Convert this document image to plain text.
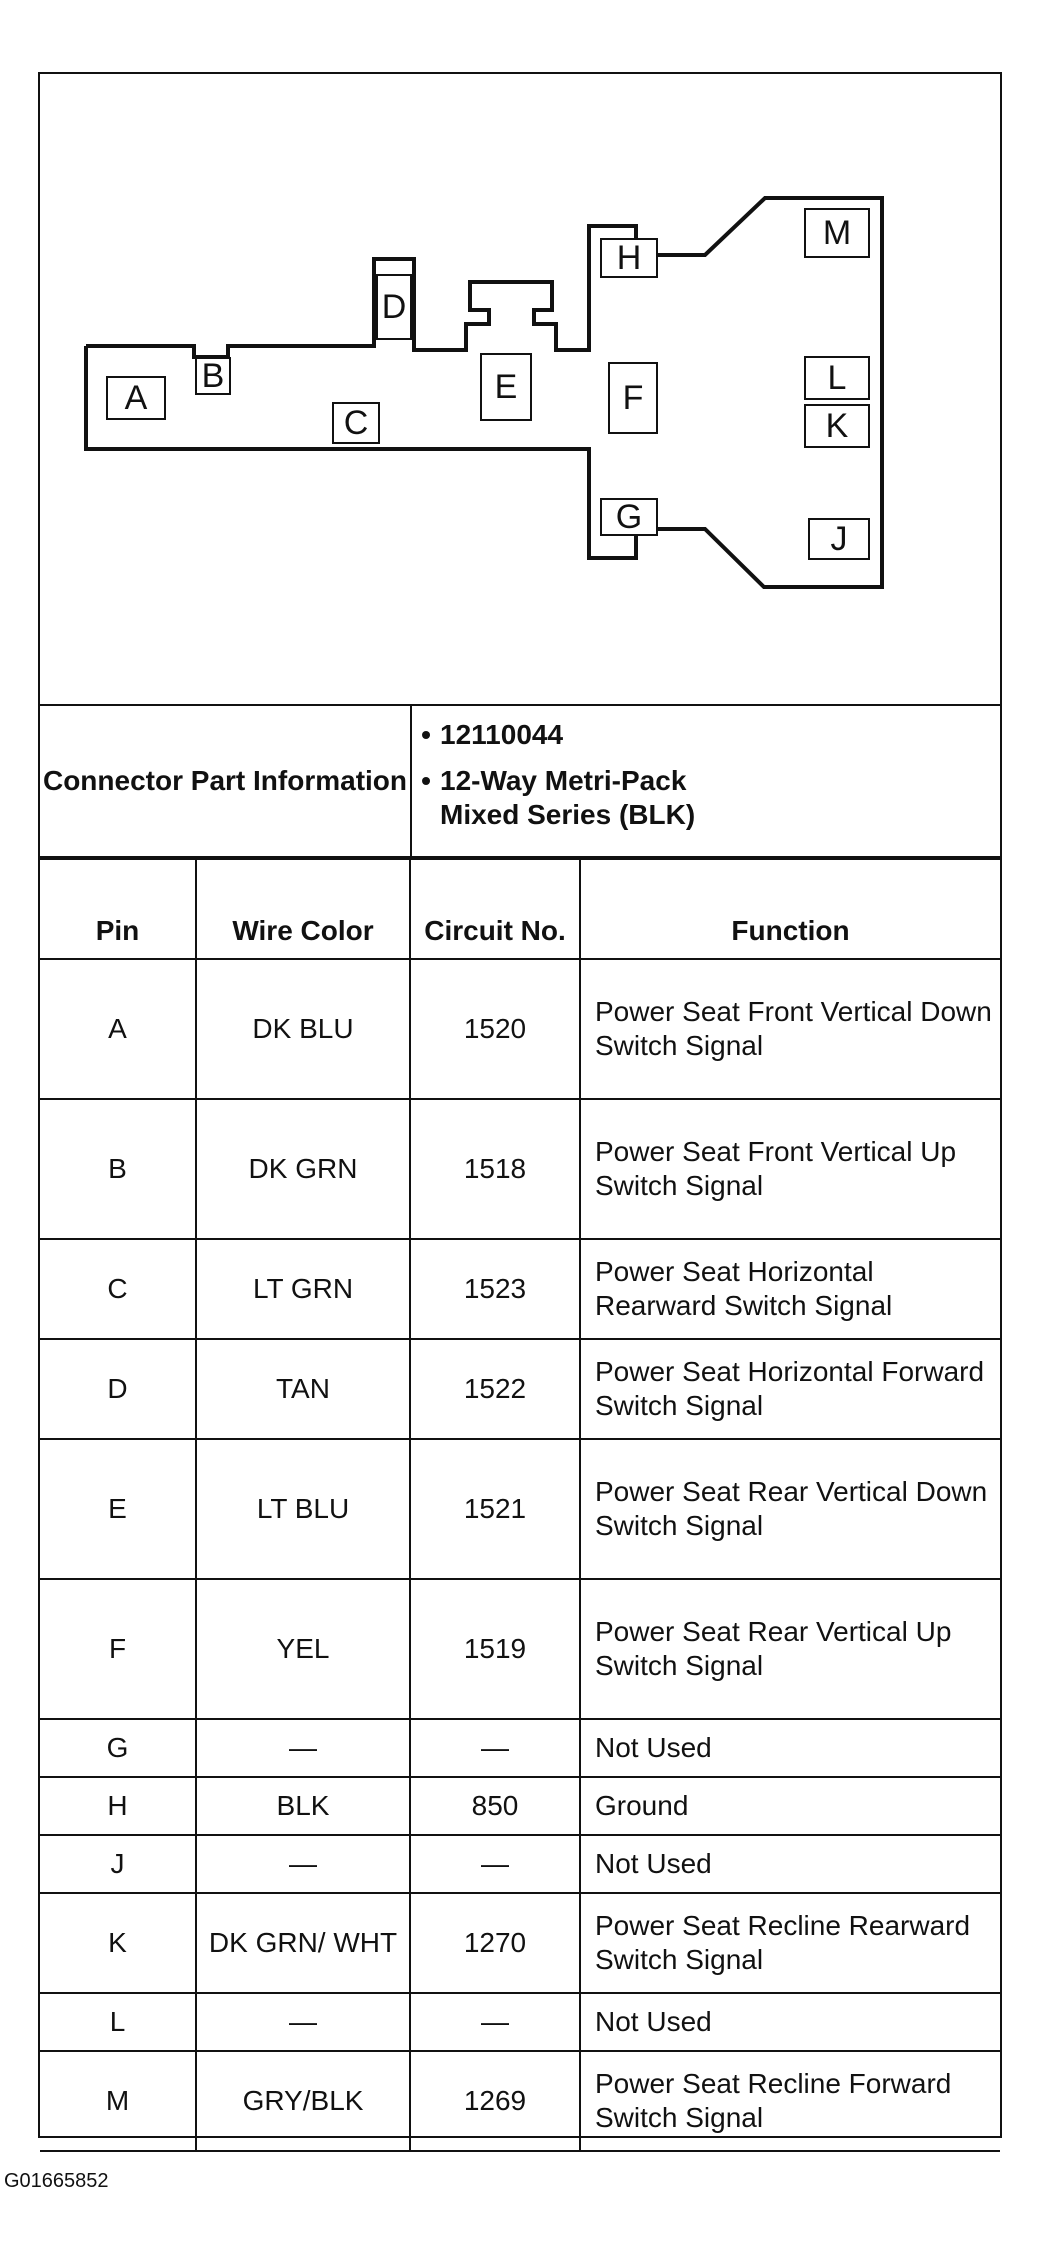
A
B
C
D
E	F
G
H
J
K
L
M
Connector Part Information
• 12110044
• 12-Way Metri-Pack Mixed Series (BLK)
Pin	Wire Color	Circuit No.	Function
A	DK BLU	1520	Power Seat Front Vertical Down Switch Signal
B	DK GRN	1518	Power Seat Front Vertical Up Switch Signal
C	LT GRN	1523	Power Seat Horizontal Rearward Switch Signal
D	TAN	1522	Power Seat Horizontal Forward Switch Signal
E	LT BLU	1521	Power Seat Rear Vertical Down Switch Signal
F	YEL	1519	Power Seat Rear Vertical Up Switch Signal
G	—	—	Not Used
H	BLK	850	Ground
J	—	—	Not Used
K	DK GRN/ WHT	1270	Power Seat Recline Rearward Switch Signal
L	—	—	Not Used
M	GRY/BLK	1269	Power Seat Recline Forward Switch Signal
G01665852
